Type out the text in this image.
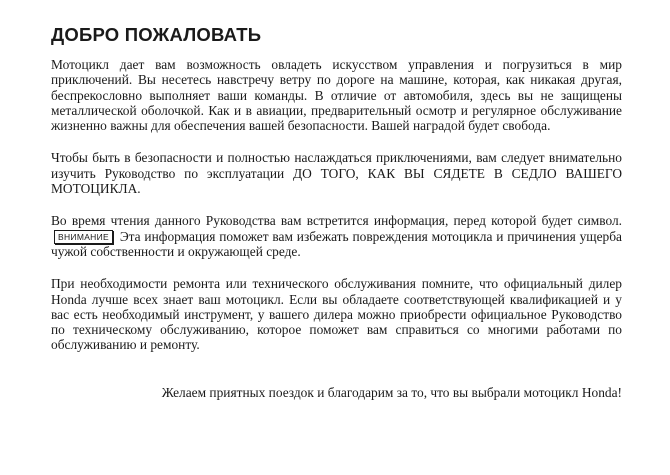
ДОБРО ПОЖАЛОВАТЬ

Мотоцикл дает вам возможность овладеть искусством управления и погрузиться в мир приключений. Вы несетесь навстречу ветру по дороге на машине, которая, как никакая другая, беспрекословно выполняет ваши команды. В отличие от автомобиля, здесь вы не защищены металлической оболочкой. Как и в авиации, предварительный осмотр и регулярное обслуживание жизненно важны для обеспечения вашей безопасности. Вашей наградой будет свобода.

Чтобы быть в безопасности и полностью наслаждаться приключениями, вам следует внимательно изучить Руководство по эксплуатации ДО ТОГО, КАК ВЫ СЯДЕТЕ В СЕДЛО ВАШЕГО МОТОЦИКЛА.

Во время чтения данного Руководства вам встретится информация, перед которой будет символ. ВНИМАНИЕ Эта информация поможет вам избежать повреждения мотоцикла и причинения ущерба чужой собственности и окружающей среде.

При необходимости ремонта или технического обслуживания помните, что официальный дилер Honda лучше всех знает ваш мотоцикл. Если вы обладаете соответствующей квалификацией и у вас есть необходимый инструмент, у вашего дилера можно приобрести официальное Руководство по техническому обслуживанию, которое поможет вам справиться со многими работами по обслуживанию и ремонту.

Желаем приятных поездок и благодарим за то, что вы выбрали мотоцикл Honda!
